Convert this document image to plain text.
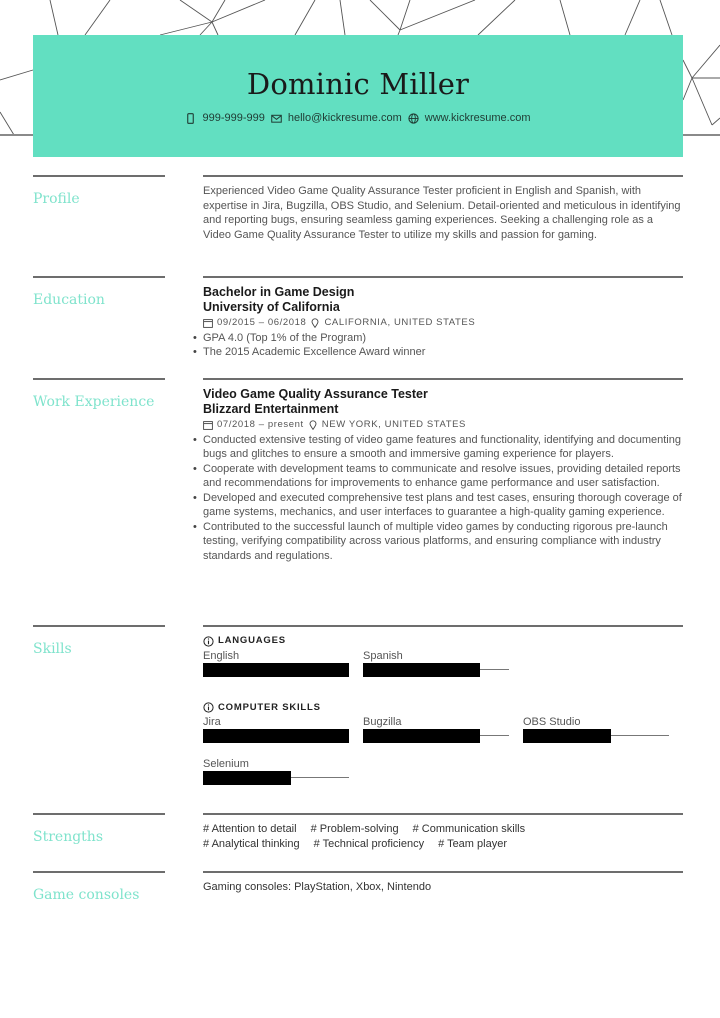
Dominic Miller
999-999-999 hello@kickresume.com www.kickresume.com
Profile	Experienced Video Game Quality Assurance Tester proficient in English and Spanish, with expertise in Jira, Bugzilla, OBS Studio, and Selenium. Detail-oriented and meticulous in identifying and reporting bugs, ensuring seamless gaming experiences. Seeking a challenging role as a Video Game Quality Assurance Tester to utilize my skills and passion for gaming.
Education	Bachelor in Game Design
University of California
09/2015 – 06/2018 CALIFORNIA, UNITED STATES
• GPA 4.0 (Top 1% of the Program)
• The 2015 Academic Excellence Award winner
Work Experience	Video Game Quality Assurance Tester
Blizzard Entertainment
07/2018 – present NEW YORK, UNITED STATES
• Conducted extensive testing of video game features and functionality, identifying and documenting bugs and glitches to ensure a smooth and immersive gaming experience for players.
• Cooperate with development teams to communicate and resolve issues, providing detailed reports and recommendations for improvements to enhance game performance and user satisfaction.
• Developed and executed comprehensive test plans and test cases, ensuring thorough coverage of game systems, mechanics, and user interfaces to guarantee a high-quality gaming experience.
• Contributed to the successful launch of multiple video games by conducting rigorous pre-launch testing, verifying compatibility across various platforms, and ensuring compliance with industry standards and regulations.
Skills
LANGUAGES
English	Spanish
COMPUTER SKILLS
Jira	Bugzilla	OBS Studio
Selenium
Strengths	# Attention to detail # Problem-solving # Communication skills
# Analytical thinking # Technical proficiency # Team player
Game consoles	Gaming consoles: PlayStation, Xbox, Nintendo
